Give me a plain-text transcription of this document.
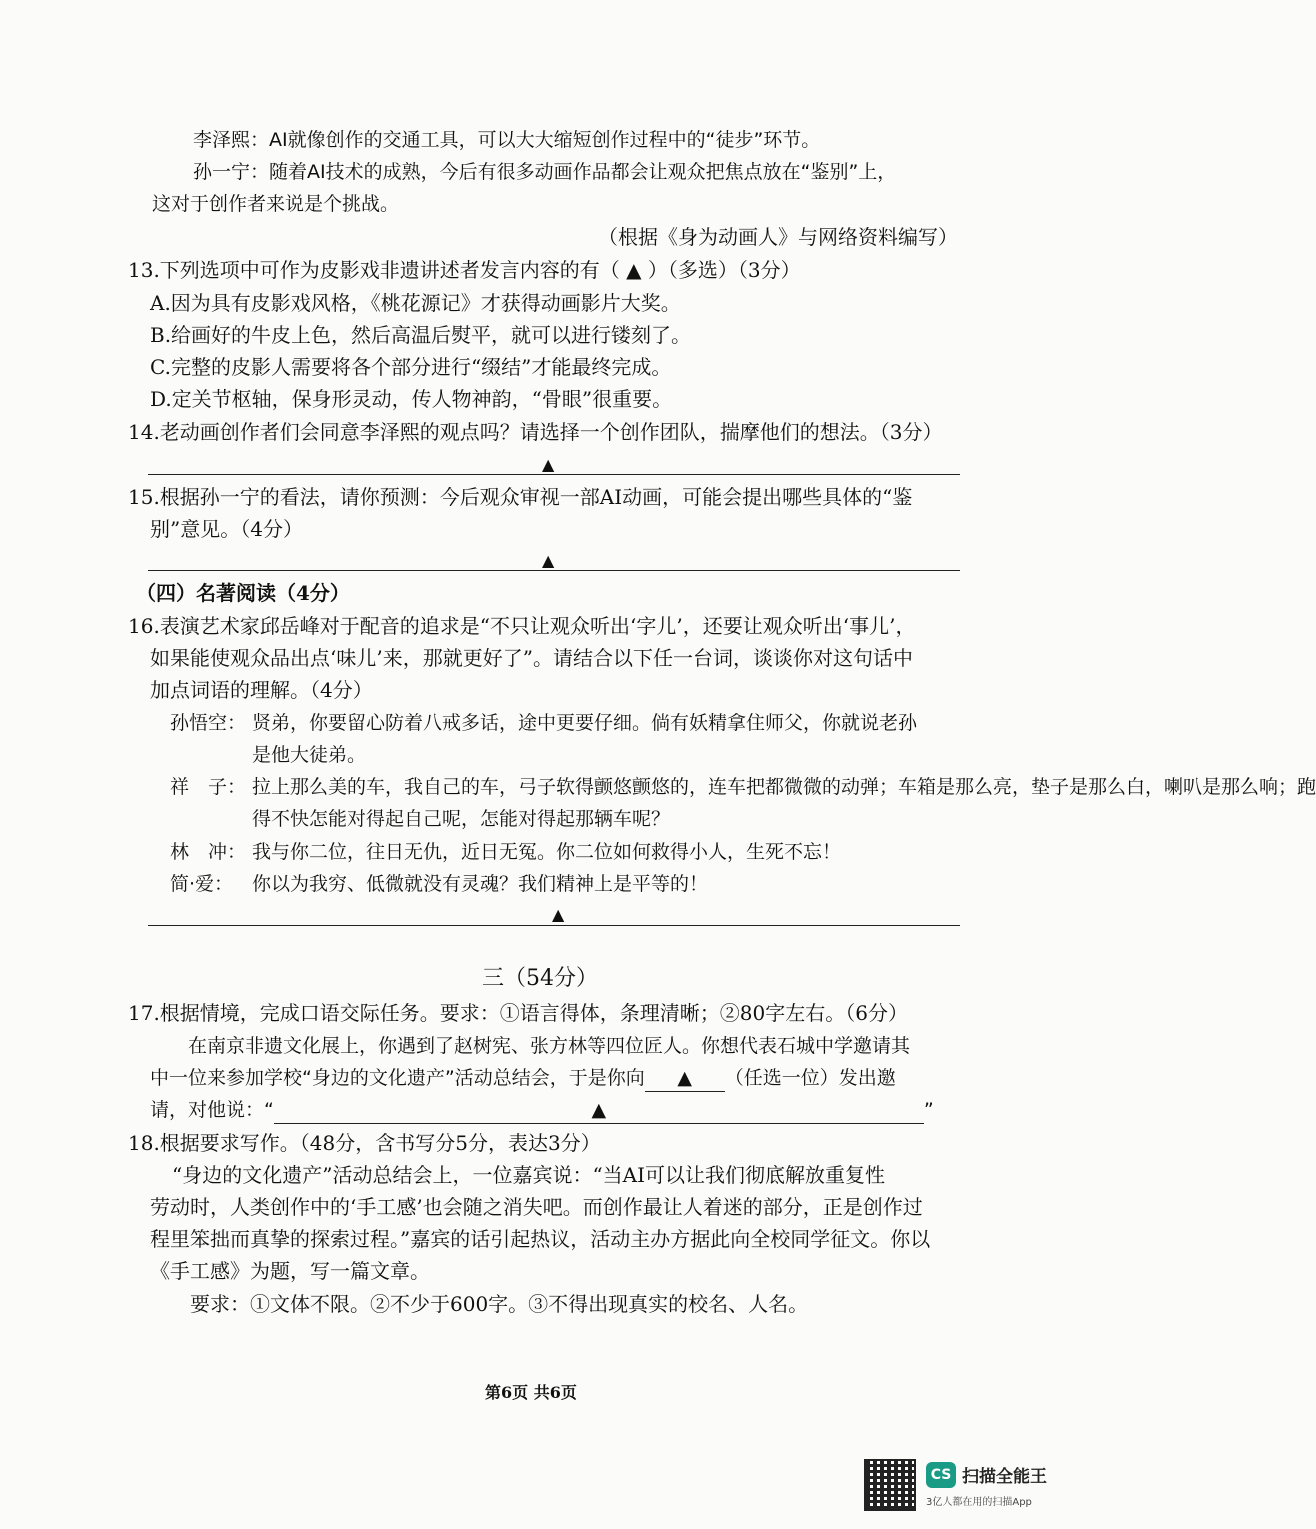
李泽熙：AI就像创作的交通工具，可以大大缩短创作过程中的“徒步”环节。
孙一宁：随着AI技术的成熟，今后有很多动画作品都会让观众把焦点放在“鉴别”上，
这对于创作者来说是个挑战。
（根据《身为动画人》与网络资料编写）
13.下列选项中可作为皮影戏非遗讲述者发言内容的有（ ▲ ）（多选）（3分）
A.因为具有皮影戏风格，《桃花源记》才获得动画影片大奖。
B.给画好的牛皮上色，然后高温后熨平，就可以进行镂刻了。
C.完整的皮影人需要将各个部分进行“缀结”才能最终完成。
D.定关节枢轴，保身形灵动，传人物神韵，“骨眼”很重要。
14.老动画创作者们会同意李泽熙的观点吗？请选择一个创作团队，揣摩他们的想法。（3分）
▲
15.根据孙一宁的看法，请你预测：今后观众审视一部AI动画，可能会提出哪些具体的“鉴
别”意见。（4分）
▲
（四）名著阅读（4分）
16.表演艺术家邱岳峰对于配音的追求是“不只让观众听出‘字儿’，还要让观众听出‘事儿’，
如果能使观众品出点‘味儿’来，那就更好了”。请结合以下任一台词，谈谈你对这句话中
加点词语的理解。（4分）
孙悟空： 贤弟，你要留心防着八戒多话，途中更要仔细。倘有妖精拿住师父，你就说老孙
是他大徒弟。
祥　子： 拉上那么美的车，我自己的车，弓子软得颤悠颤悠的，连车把都微微的动弹；车箱是那么亮，垫子是那么白，喇叭是那么响；跑
得不快怎能对得起自己呢，怎能对得起那辆车呢？
林　冲： 我与你二位，往日无仇，近日无冤。你二位如何救得小人，生死不忘！
简·爱： 你以为我穷、低微就没有灵魂？我们精神上是平等的！
▲
三（54分）
17.根据情境，完成口语交际任务。要求：①语言得体，条理清晰；②80字左右。（6分）
在南京非遗文化展上，你遇到了赵树宪、张方林等四位匠人。你想代表石城中学邀请其
中一位来参加学校“身边的文化遗产”活动总结会，于是你向 ▲ （任选一位）发出邀
请，对他说：“	▲	”
18.根据要求写作。（48分，含书写分5分，表达3分）
“身边的文化遗产”活动总结会上，一位嘉宾说：“当AI可以让我们彻底解放重复性
劳动时，人类创作中的‘手工感’也会随之消失吧。而创作最让人着迷的部分，正是创作过
程里笨拙而真挚的探索过程。”嘉宾的话引起热议，活动主办方据此向全校同学征文。你以
《手工感》为题，写一篇文章。
要求：①文体不限。②不少于600字。③不得出现真实的校名、人名。
第6页 共6页
CS 扫描全能王
3亿人都在用的扫描App
